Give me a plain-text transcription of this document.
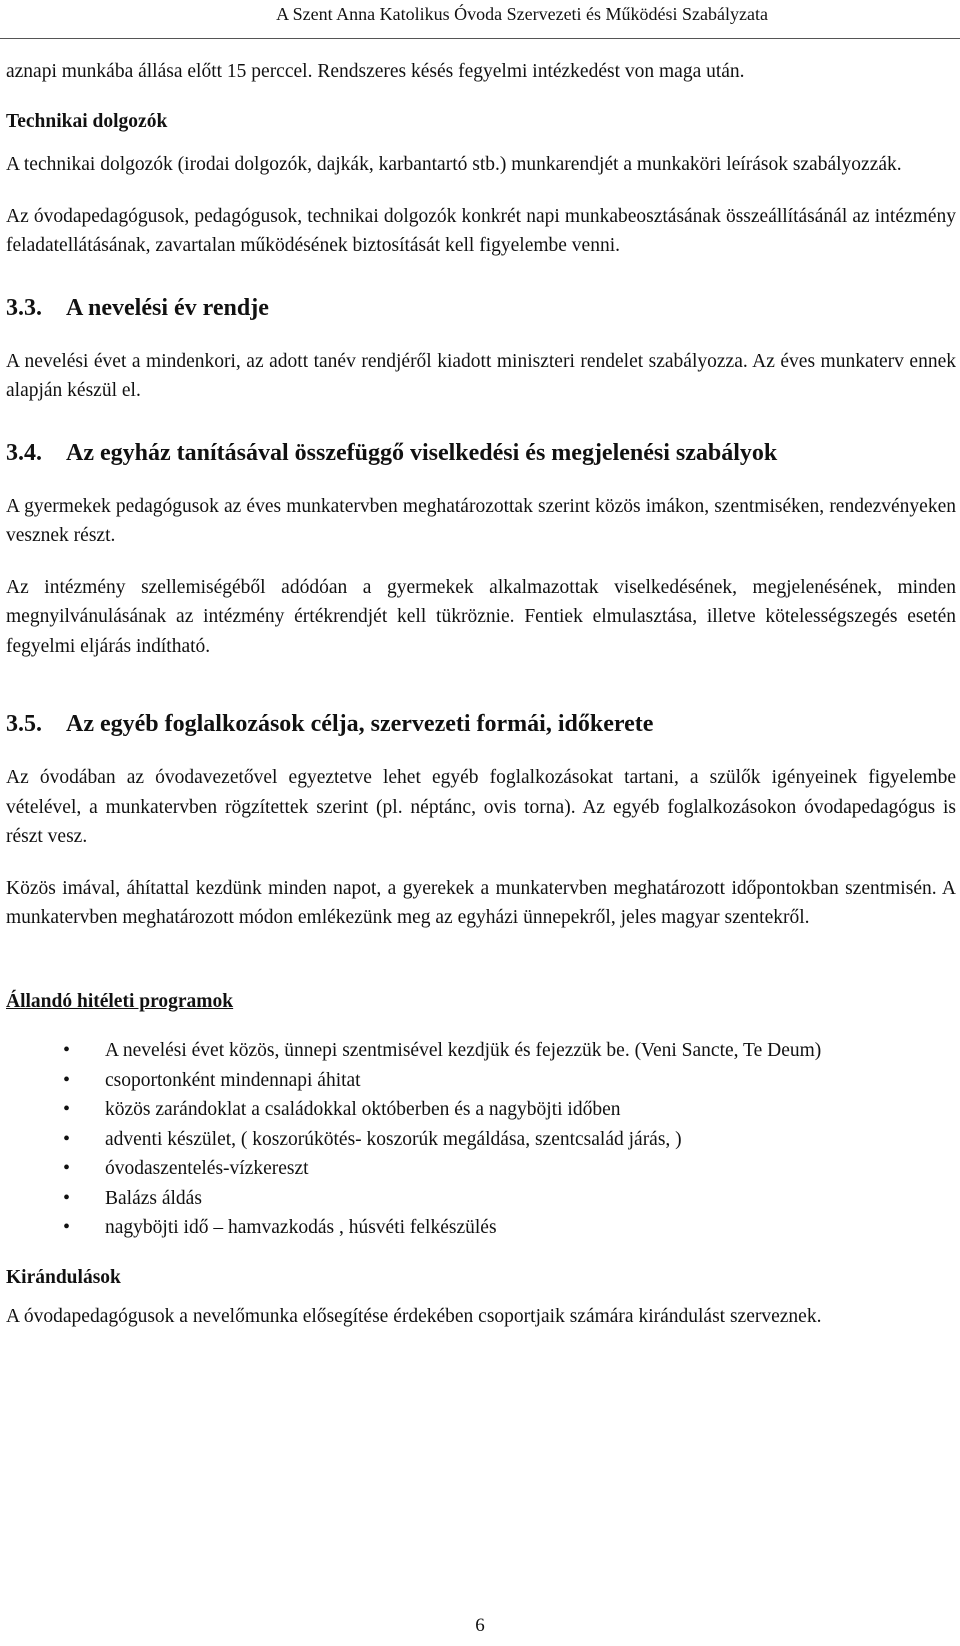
A Szent Anna Katolikus Óvoda Szervezeti és Működési Szabályzata

aznapi munkába állása előtt 15 perccel. Rendszeres késés fegyelmi intézkedést von maga után.

Technikai dolgozók

A technikai dolgozók (irodai dolgozók, dajkák, karbantartó stb.) munkarendjét a munkaköri leírások szabályozzák.

Az óvodapedagógusok, pedagógusok, technikai dolgozók konkrét napi munkabeosztásának összeállításánál az intézmény feladatellátásának, zavartalan működésének biztosítását kell figyelembe venni.

3.3. A nevelési év rendje

A nevelési évet a mindenkori, az adott tanév rendjéről kiadott miniszteri rendelet szabályozza. Az éves munkaterv ennek alapján készül el.

3.4. Az egyház tanításával összefüggő viselkedési és megjelenési szabályok

A gyermekek pedagógusok az éves munkatervben meghatározottak szerint közös imákon, szentmiséken, rendezvényeken vesznek részt.

Az intézmény szellemiségéből adódóan a gyermekek alkalmazottak viselkedésének, megjelenésének, minden megnyilvánulásának az intézmény értékrendjét kell tükröznie. Fentiek elmulasztása, illetve kötelességszegés esetén fegyelmi eljárás indítható.

3.5. Az egyéb foglalkozások célja, szervezeti formái, időkerete

Az óvodában az óvodavezetővel egyeztetve lehet egyéb foglalkozásokat tartani, a szülők igényeinek figyelembe vételével, a munkatervben rögzítettek szerint (pl. néptánc, ovis torna). Az egyéb foglalkozásokon óvodapedagógus is részt vesz.

Közös imával, áhítattal kezdünk minden napot, a gyerekek a munkatervben meghatározott időpontokban szentmisén. A munkatervben meghatározott módon emlékezünk meg az egyházi ünnepekről, jeles magyar szentekről.

Állandó hitéleti programok
• A nevelési évet közös, ünnepi szentmisével kezdjük és fejezzük be. (Veni Sancte, Te Deum)
• csoportonként mindennapi áhitat
• közös zarándoklat a családokkal októberben és a nagyböjti időben
• adventi készület, ( koszorúkötés- koszorúk megáldása, szentcsalád járás, )
• óvodaszentelés-vízkereszt
• Balázs áldás
• nagyböjti idő – hamvazkodás , húsvéti felkészülés
Kirándulások

A óvodapedagógusok a nevelőmunka elősegítése érdekében csoportjaik számára kirándulást szerveznek.

6
